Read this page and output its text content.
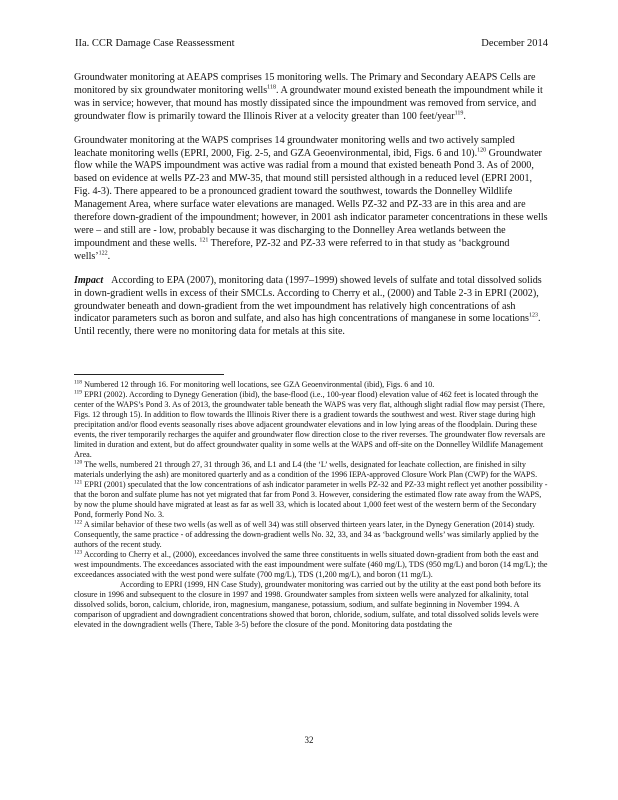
IIa. CCR Damage Case Reassessment	December 2014

Groundwater monitoring at AEAPS comprises 15 monitoring wells. The Primary and Secondary AEAPS Cells are monitored by six groundwater monitoring wells$^{118}$. A groundwater mound existed beneath the impoundment while it was in service; however, that mound has mostly dissipated since the impoundment was removed from service, and groundwater flow is primarily toward the Illinois River at a velocity greater than 100 feet/year$^{119}$.

Groundwater monitoring at the WAPS comprises 14 groundwater monitoring wells and two actively sampled leachate monitoring wells (EPRI, 2000, Fig. 2-5, and GZA Geoenvironmental, ibid, Figs. 6 and 10).$^{120}$ Groundwater flow while the WAPS impoundment was active was radial from a mound that existed beneath Pond 3. As of 2000, based on evidence at wells PZ-23 and MW-35, that mound still persisted although in a reduced level (EPRI 2001, Fig. 4-3). There appeared to be a pronounced gradient toward the southwest, towards the Donnelley Wildlife Management Area, where surface water elevations are managed. Wells PZ-32 and PZ-33 are in this area and are therefore down-gradient of the impoundment; however, in 2001 ash indicator parameter concentrations in these wells were – and still are - low, probably because it was discharging to the Donnelley Area wetlands between the impoundment and these wells. $^{121}$ Therefore, PZ-32 and PZ-33 were referred to in that study as ‘background wells’$^{122}$.

Impact According to EPA (2007), monitoring data (1997–1999) showed levels of sulfate and total dissolved solids in down-gradient wells in excess of their SMCLs. According to Cherry et al., (2000) and Table 2-3 in EPRI (2002), groundwater beneath and down-gradient from the wet impoundment has relatively high concentrations of ash indicator parameters such as boron and sulfate, and also has high concentrations of manganese in some locations$^{123}$. Until recently, there were no monitoring data for metals at this site.

$^{118}$ Numbered 12 through 16. For monitoring well locations, see GZA Geoenvironmental (ibid), Figs. 6 and 10.

$^{119}$ EPRI (2002). According to Dynegy Generation (ibid), the base-flood (i.e., 100-year flood) elevation value of 462 feet is located through the center of the WAPS’s Pond 3. As of 2013, the groundwater table beneath the WAPS was very flat, although slight radial flow may persist (There, Figs. 12 through 15). In addition to flow towards the Illinois River there is a gradient towards the southwest and west. River stage during high precipitation and/or flood events seasonally rises above adjacent groundwater elevations and in low lying areas of the floodplain. During these events, the river temporarily recharges the aquifer and groundwater flow direction close to the river reverses. The groundwater flow reversals are limited in duration and extent, but do affect groundwater quality in some wells at the WAPS and off-site on the Donnelley Wildlife Management Area.

$^{120}$ The wells, numbered 21 through 27, 31 through 36, and L1 and L4 (the ‘L’ wells, designated for leachate collection, are finished in silty materials underlying the ash) are monitored quarterly and as a condition of the 1996 IEPA-approved Closure Work Plan (CWP) for the WAPS.

$^{121}$ EPRI (2001) speculated that the low concentrations of ash indicator parameter in wells PZ-32 and PZ-33 might reflect yet another possibility - that the boron and sulfate plume has not yet migrated that far from Pond 3. However, considering the estimated flow rate away from the WAPS, by now the plume should have migrated at least as far as well 33, which is located about 1,000 feet west of the western berm of the Secondary Pond, formerly Pond No. 3.

$^{122}$ A similar behavior of these two wells (as well as of well 34) was still observed thirteen years later, in the Dynegy Generation (2014) study. Consequently, the same practice - of addressing the down-gradient wells No. 32, 33, and 34 as ‘background wells’ was similarly applied by the authors of the recent study.

$^{123}$ According to Cherry et al., (2000), exceedances involved the same three constituents in wells situated down-gradient from both the east and west impoundments. The exceedances associated with the east impoundment were sulfate (460 mg/L), TDS (950 mg/L) and boron (14 mg/L); the exceedances associated with the west pond were sulfate (700 mg/L), TDS (1,200 mg/L), and boron (11 mg/L).

According to EPRI (1999, HN Case Study), groundwater monitoring was carried out by the utility at the east pond both before its closure in 1996 and subsequent to the closure in 1997 and 1998. Groundwater samples from sixteen wells were analyzed for alkalinity, total dissolved solids, boron, calcium, chloride, iron, magnesium, manganese, potassium, sodium, and sulfate beginning in November 1994. A comparison of upgradient and downgradient concentrations showed that boron, chloride, sodium, sulfate, and total dissolved solids levels were elevated in the downgradient wells (There, Table 3-5) before the closure of the pond. Monitoring data postdating the

32
